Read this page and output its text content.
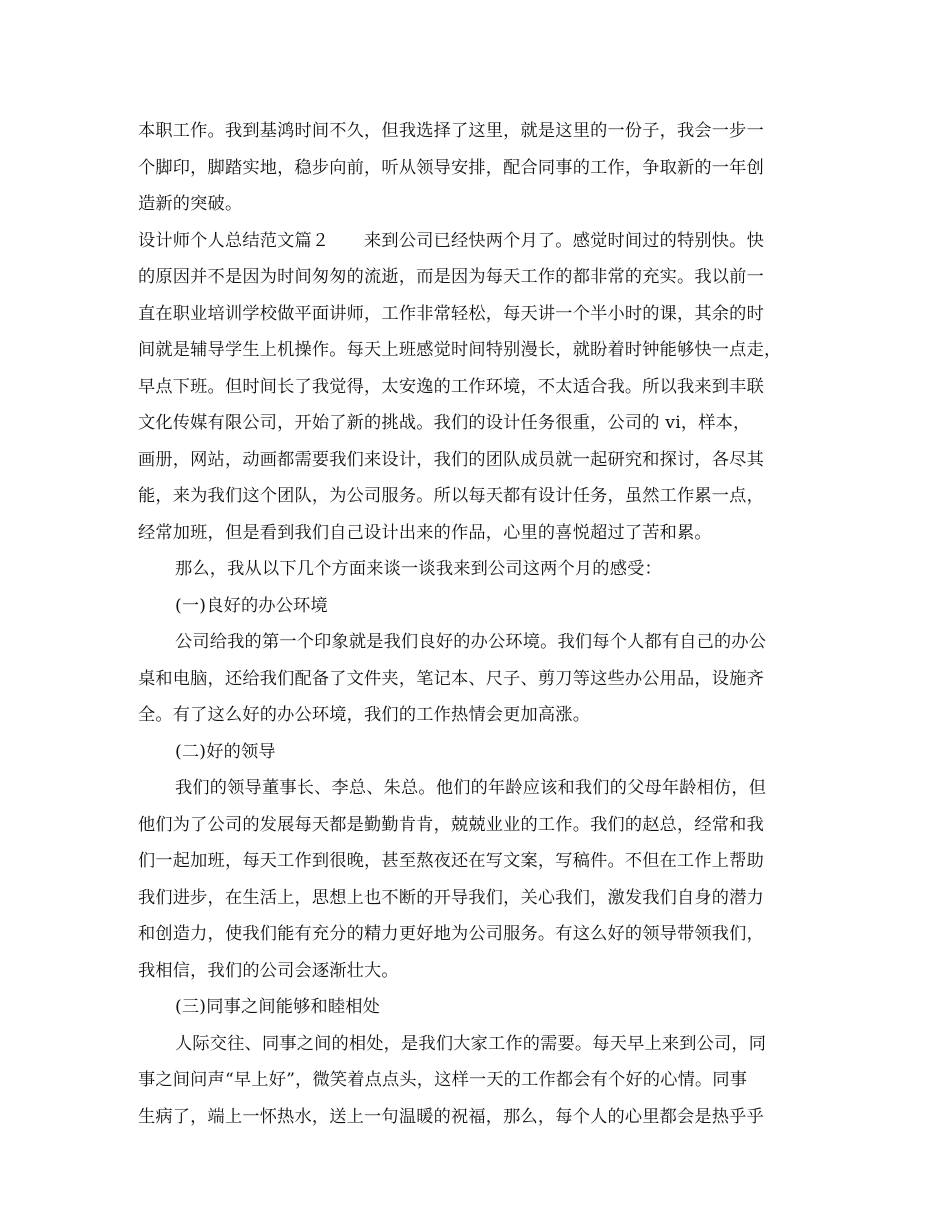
本职工作。我到基鸿时间不久，但我选择了这里，就是这里的一份子，我会一步一
个脚印，脚踏实地，稳步向前，听从领导安排，配合同事的工作，争取新的一年创
造新的突破。
设计师个人总结范文篇２　　来到公司已经快两个月了。感觉时间过的特别快。快
的原因并不是因为时间匆匆的流逝，而是因为每天工作的都非常的充实。我以前一
直在职业培训学校做平面讲师，工作非常轻松，每天讲一个半小时的课，其余的时
间就是辅导学生上机操作。每天上班感觉时间特别漫长，就盼着时钟能够快一点走，
早点下班。但时间长了我觉得，太安逸的工作环境，不太适合我。所以我来到丰联
文化传媒有限公司，开始了新的挑战。我们的设计任务很重，公司的 vi，样本，
画册，网站，动画都需要我们来设计，我们的团队成员就一起研究和探讨，各尽其
能，来为我们这个团队，为公司服务。所以每天都有设计任务，虽然工作累一点，
经常加班，但是看到我们自己设计出来的作品，心里的喜悦超过了苦和累。
那么，我从以下几个方面来谈一谈我来到公司这两个月的感受：
(一)良好的办公环境
公司给我的第一个印象就是我们良好的办公环境。我们每个人都有自己的办公
桌和电脑，还给我们配备了文件夹，笔记本、尺子、剪刀等这些办公用品，设施齐
全。有了这么好的办公环境，我们的工作热情会更加高涨。
(二)好的领导
我们的领导董事长、李总、朱总。他们的年龄应该和我们的父母年龄相仿，但
他们为了公司的发展每天都是勤勤肯肯，兢兢业业的工作。我们的赵总，经常和我
们一起加班，每天工作到很晚，甚至熬夜还在写文案，写稿件。不但在工作上帮助
我们进步，在生活上，思想上也不断的开导我们，关心我们，激发我们自身的潜力
和创造力，使我们能有充分的精力更好地为公司服务。有这么好的领导带领我们，
我相信，我们的公司会逐渐壮大。
(三)同事之间能够和睦相处
人际交往、同事之间的相处，是我们大家工作的需要。每天早上来到公司，同
事之间问声“早上好”，微笑着点点头，这样一天的工作都会有个好的心情。同事
生病了，端上一怀热水，送上一句温暖的祝福，那么，每个人的心里都会是热乎乎
